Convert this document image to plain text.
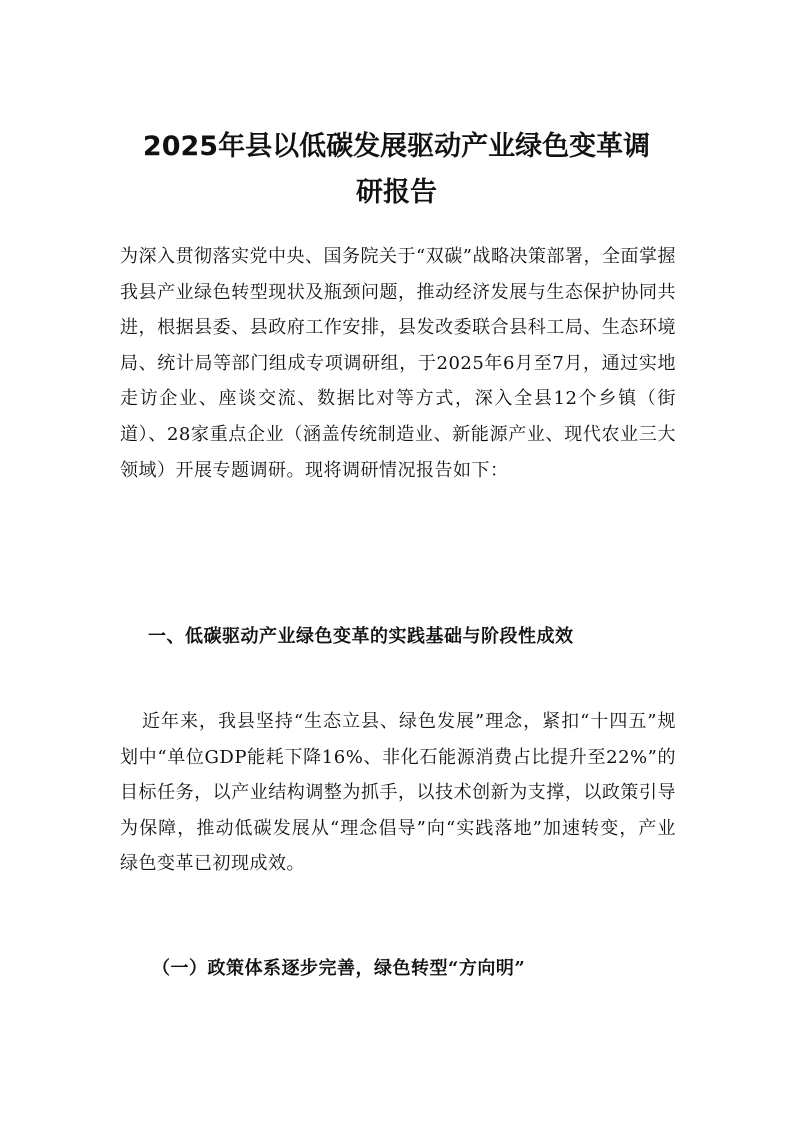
2025年县以低碳发展驱动产业绿色变革调
研报告

为深入贯彻落实党中央、国务院关于“双碳”战略决策部署，全面掌握我县产业绿色转型现状及瓶颈问题，推动经济发展与生态保护协同共进，根据县委、县政府工作安排，县发改委联合县科工局、生态环境局、统计局等部门组成专项调研组，于2025年6月至7月，通过实地走访企业、座谈交流、数据比对等方式，深入全县12个乡镇（街道）、28家重点企业（涵盖传统制造业、新能源产业、现代农业三大领域）开展专题调研。现将调研情况报告如下：

一、低碳驱动产业绿色变革的实践基础与阶段性成效

近年来，我县坚持“生态立县、绿色发展”理念，紧扣“十四五”规划中“单位GDP能耗下降16%、非化石能源消费占比提升至22%”的目标任务，以产业结构调整为抓手，以技术创新为支撑，以政策引导为保障，推动低碳发展从“理念倡导”向“实践落地”加速转变，产业绿色变革已初现成效。

（一）政策体系逐步完善，绿色转型“方向明”
